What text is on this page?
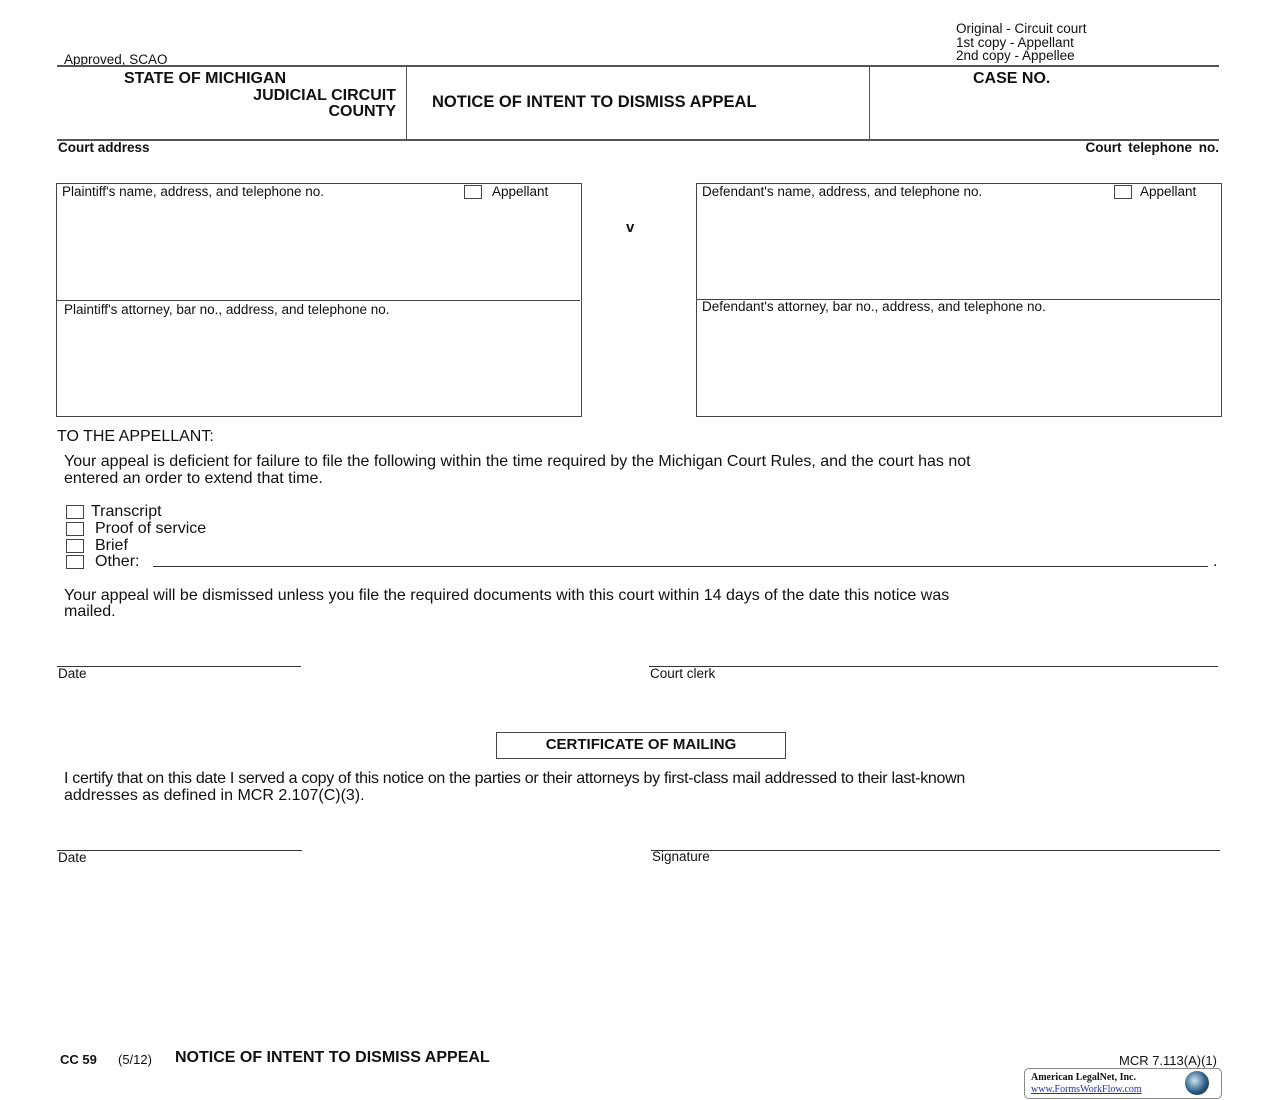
Approved, SCAO
Original - Circuit court
1st copy - Appellant
2nd copy - Appellee
STATE OF MICHIGAN
JUDICIAL CIRCUIT
COUNTY
NOTICE OF INTENT TO DISMISS APPEAL
CASE NO.
Court address	Court telephone no.
Plaintiff's name, address, and telephone no.	Appellant
Plaintiff's attorney, bar no., address, and telephone no.
v
Defendant's name, address, and telephone no.	Appellant
Defendant's attorney, bar no., address, and telephone no.
TO THE APPELLANT:
Your appeal is deficient for failure to file the following within the time required by the Michigan Court Rules, and the court has not
entered an order to extend that time.
Transcript
Proof of service
Brief
Other:	.
Your appeal will be dismissed unless you file the required documents with this court within 14 days of the date this notice was
mailed.
Date	Court clerk
CERTIFICATE OF MAILING
I certify that on this date I served a copy of this notice on the parties or their attorneys by first-class mail addressed to their last-known
addresses as defined in MCR 2.107(C)(3).
Date	Signature
CC 59 (5/12) NOTICE OF INTENT TO DISMISS APPEAL	MCR 7.113(A)(1)
American LegalNet, Inc.
www.FormsWorkFlow.com
